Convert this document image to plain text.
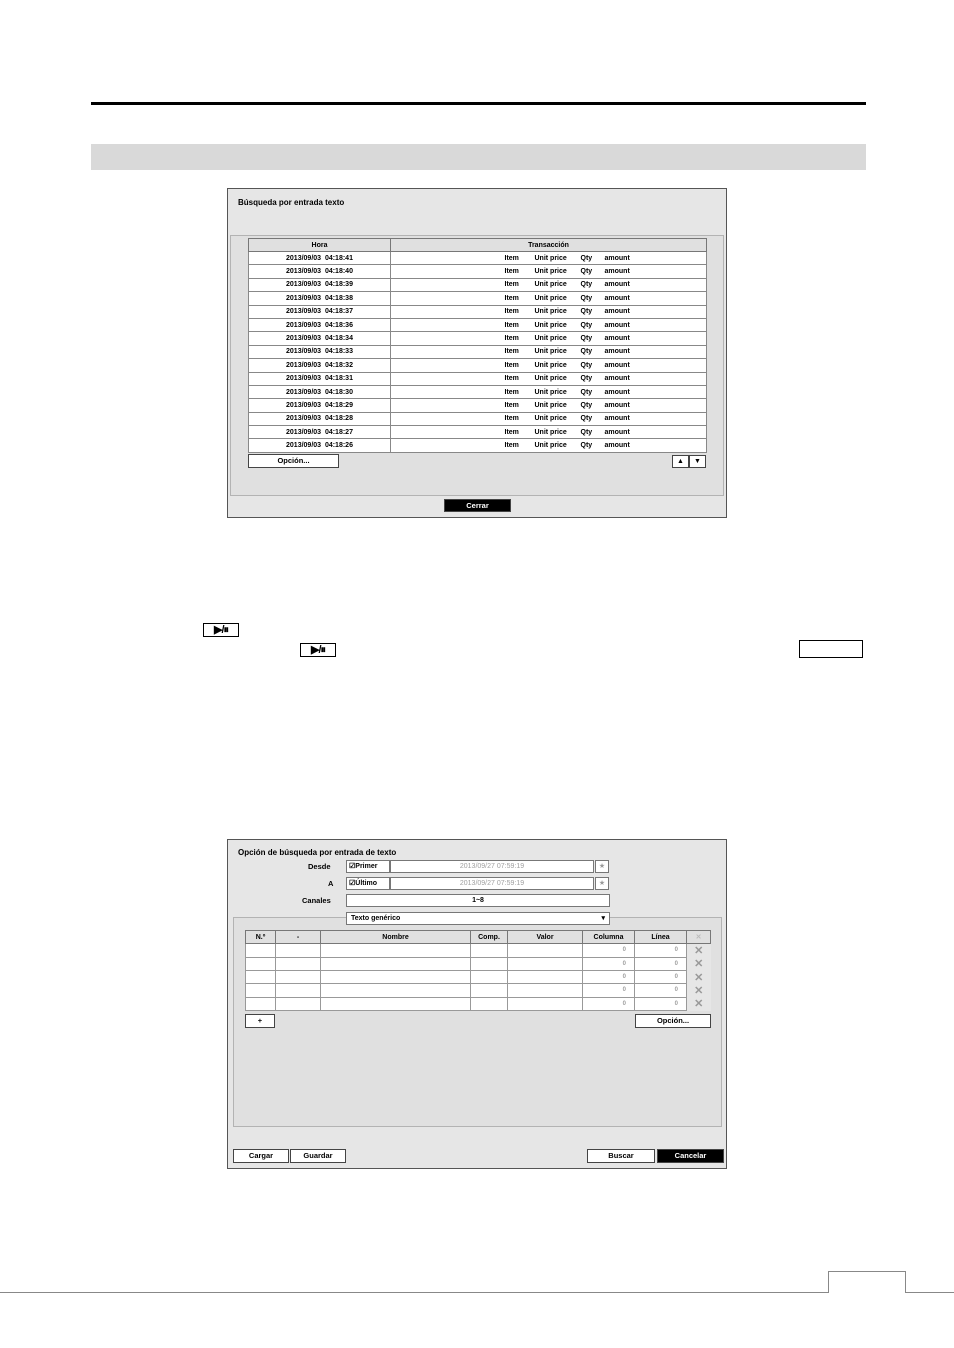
Búsqueda por entrada texto
Hora	Transacción
2013/09/03  04:18:41	Item Unit price Qty amount
2013/09/03  04:18:40	Item Unit price Qty amount
2013/09/03  04:18:39	Item Unit price Qty amount
2013/09/03  04:18:38	Item Unit price Qty amount
2013/09/03  04:18:37	Item Unit price Qty amount
2013/09/03  04:18:36	Item Unit price Qty amount
2013/09/03  04:18:34	Item Unit price Qty amount
2013/09/03  04:18:33	Item Unit price Qty amount
2013/09/03  04:18:32	Item Unit price Qty amount
2013/09/03  04:18:31	Item Unit price Qty amount
2013/09/03  04:18:30	Item Unit price Qty amount
2013/09/03  04:18:29	Item Unit price Qty amount
2013/09/03  04:18:28	Item Unit price Qty amount
2013/09/03  04:18:27	Item Unit price Qty amount
2013/09/03  04:18:26	Item Unit price Qty amount
Opción...	▲	▼
Cerrar
▶/⏸
▶/⏸
Opción de búsqueda por entrada de texto
Desde	☑Primer	2013/09/27 07:59:19	★
A	☑Último	2013/09/27 07:59:19	★
Canales	1~8
Texto genérico	▾
N.º	-	Nombre	Comp.	Valor	Columna	Línea	✕
					0	0	✕
					0	0	✕
					0	0	✕
					0	0	✕
					0	0	✕
+	Opción...
Cargar	Guardar	Buscar	Cancelar
